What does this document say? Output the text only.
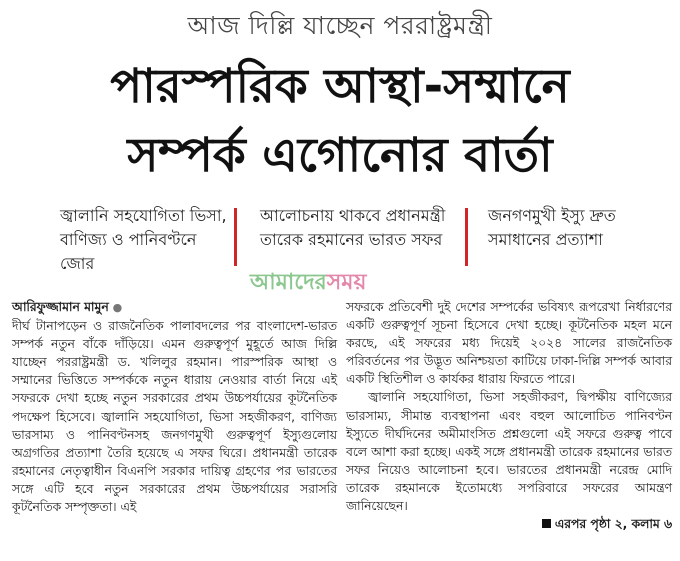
আজ দিল্লি যাচ্ছেন পররাষ্ট্রমন্ত্রী
পারস্পরিক আস্থা-সম্মানে
সম্পর্ক এগোনোর বার্তা
জ্বালানি সহযোগিতা ভিসা, বাণিজ্য ও পানিবণ্টনে জোর
আলোচনায় থাকবে প্রধানমন্ত্রী তারেক রহমানের ভারত সফর
জনগণমুখী ইস্যু দ্রুত সমাধানের প্রত্যাশা
আমাদেরসময়

আরিফুজ্জামান মামুন ●

দীর্ঘ টানাপড়েন ও রাজনৈতিক পালাবদলের পর বাংলাদেশ-ভারত সম্পর্ক নতুন বাঁকে দাঁড়িয়ে। এমন গুরুত্বপূর্ণ মুহূর্তে আজ দিল্লি যাচ্ছেন পররাষ্ট্রমন্ত্রী ড. খলিলুর রহমান। পারস্পরিক আস্থা ও সম্মানের ভিত্তিতে সম্পর্ককে নতুন ধারায় নেওয়ার বার্তা নিয়ে এই সফরকে দেখা হচ্ছে নতুন সরকারের প্রথম উচ্চপর্যায়ের কূটনৈতিক পদক্ষেপ হিসেবে। জ্বালানি সহযোগিতা, ভিসা সহজীকরণ, বাণিজ্য ভারসাম্য ও পানিবণ্টনসহ জনগণমুখী গুরুত্বপূর্ণ ইস্যুগুলোয় অগ্রগতির প্রত্যাশা তৈরি হয়েছে এ সফর ঘিরে। প্রধানমন্ত্রী তারেক রহমানের নেতৃত্বাধীন বিএনপি সরকার দায়িত্ব গ্রহণের পর ভারতের সঙ্গে এটি হবে নতুন সরকারের প্রথম উচ্চপর্যায়ের সরাসরি কূটনৈতিক সম্পৃক্ততা। এই

সফরকে প্রতিবেশী দুই দেশের সম্পর্কের ভবিষ্যৎ রূপরেখা নির্ধারণের একটি গুরুত্বপূর্ণ সূচনা হিসেবে দেখা হচ্ছে। কূটনৈতিক মহল মনে করছে, এই সফরের মধ্য দিয়েই ২০২৪ সালের রাজনৈতিক পরিবর্তনের পর উদ্ভূত অনিশ্চয়তা কাটিয়ে ঢাকা-দিল্লি সম্পর্ক আবার একটি স্থিতিশীল ও কার্যকর ধারায় ফিরতে পারে।

জ্বালানি সহযোগিতা, ভিসা সহজীকরণ, দ্বিপক্ষীয় বাণিজ্যের ভারসাম্য, সীমান্ত ব্যবস্থাপনা এবং বহুল আলোচিত পানিবণ্টন ইস্যুতে দীর্ঘদিনের অমীমাংসিত প্রশ্নগুলো এই সফরে গুরুত্ব পাবে বলে আশা করা হচ্ছে। একই সঙ্গে প্রধানমন্ত্রী তারেক রহমানের ভারত সফর নিয়েও আলোচনা হবে। ভারতের প্রধানমন্ত্রী নরেন্দ্র মোদি তারেক রহমানকে ইতোমধ্যে সপরিবারে সফরের আমন্ত্রণ জানিয়েছেন।

এরপর পৃষ্ঠা ২, কলাম ৬
